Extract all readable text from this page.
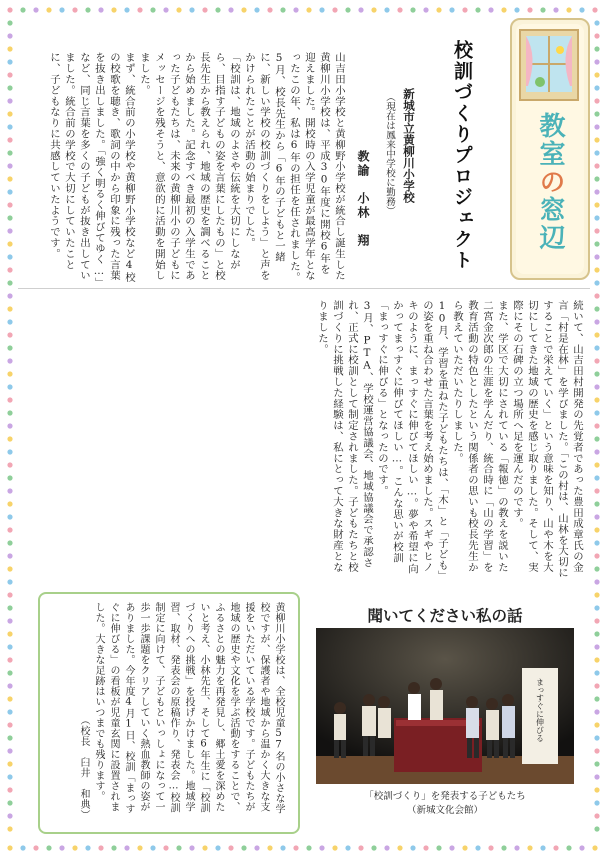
教室の窓辺
校訓づくりプロジェクト
新城市立黄柳川小学校
（現在は鳳来中学校に勤務）
教諭　小林　翔

山吉田小学校と黄柳野小学校が統合し誕生した黄柳川小学校は、平成30年度に開校6年を迎えました。開校時の入学児童が最高学年となったこの年、私は6年の担任を任されました。5月、校長先生から「6年の子どもと一緒に、新しい学校の校訓づくりをしよう」と声をかけられたことが活動の始まりでした。

「校訓は、地域のよさや伝統を大切にしながら、目指す子どもの姿を言葉にしたもの」と校長先生から教えられ、地域の歴史を調べることから始めました。記念すべき最初の入学生であった子どもたちは、未来の黄柳川小の子どもにメッセージを残そうと、意欲的に活動を開始しました。

まず、統合前の小学校や黄柳野小学校など4校の校歌を聴き、歌詞の中から印象に残った言葉を抜き出しました。「強く明るく伸びてゆく…」など、同じ言葉を多くの子どもが抜き出していました。統合前の学校で大切にしていたことに、子どもなりに共感していたようです。

続いて、山吉田村開発の先覚者であった豊田成章氏の金言「村是在林」を学びました。「この村は、山林を大切にすることで栄えていく」という意味を知り、山や木を大切にしてきた地域の歴史を感じ取りました。そして、実際にその石碑の立つ場所へ足を運んだのです。

また、学区で大切にされている「報徳」の教えを説いた二宮金次郎の生涯を学んだり、統合時に「山の学習」を教育活動の特色としたという関係者の思いも校長先生から教えていただいたりしました。

10月、学習を重ねた子どもたちは、「木」と「子ども」の姿を重ね合わせた言葉を考え始めました。スギやヒノキのように、まっすぐに伸びてほしい…。夢や希望に向かってまっすぐに伸びてほしい…。こんな思いが校訓「まっすぐに伸びる」となったのです。

3月、PTA、学校運営協議会、地域協議会で承認され、正式に校訓として制定されました。子どもたちと校訓づくりに挑戦した経験は、私にとって大きな財産となりました。

黄柳川小学校は、全校児童57名の小さな学校ですが、保護者や地域から温かく大きな支援をいただいている学校です。子どもたちが地域の歴史や文化を学ぶ活動をすることで、ふるさとの魅力を再発見し、郷土愛を深めたいと考え、小林先生、そして6年生に「校訓づくりへの挑戦」を投げかけました。地域学習、取材、発表会の原稿作り、発表会…校訓制定に向けて、子どもといっしょになって一歩一歩課題をクリアしていく熱血教師の姿がありました。今年度4月1日、校訓「まっすぐに伸びる」の看板が児童玄関に設置されました。大きな足跡はいつまでも残ります。

（校長　臼井　和典）

聞いてください私の話
まっすぐに伸びる
「校訓づくり」を発表する子どもたち
（新城文化会館）
